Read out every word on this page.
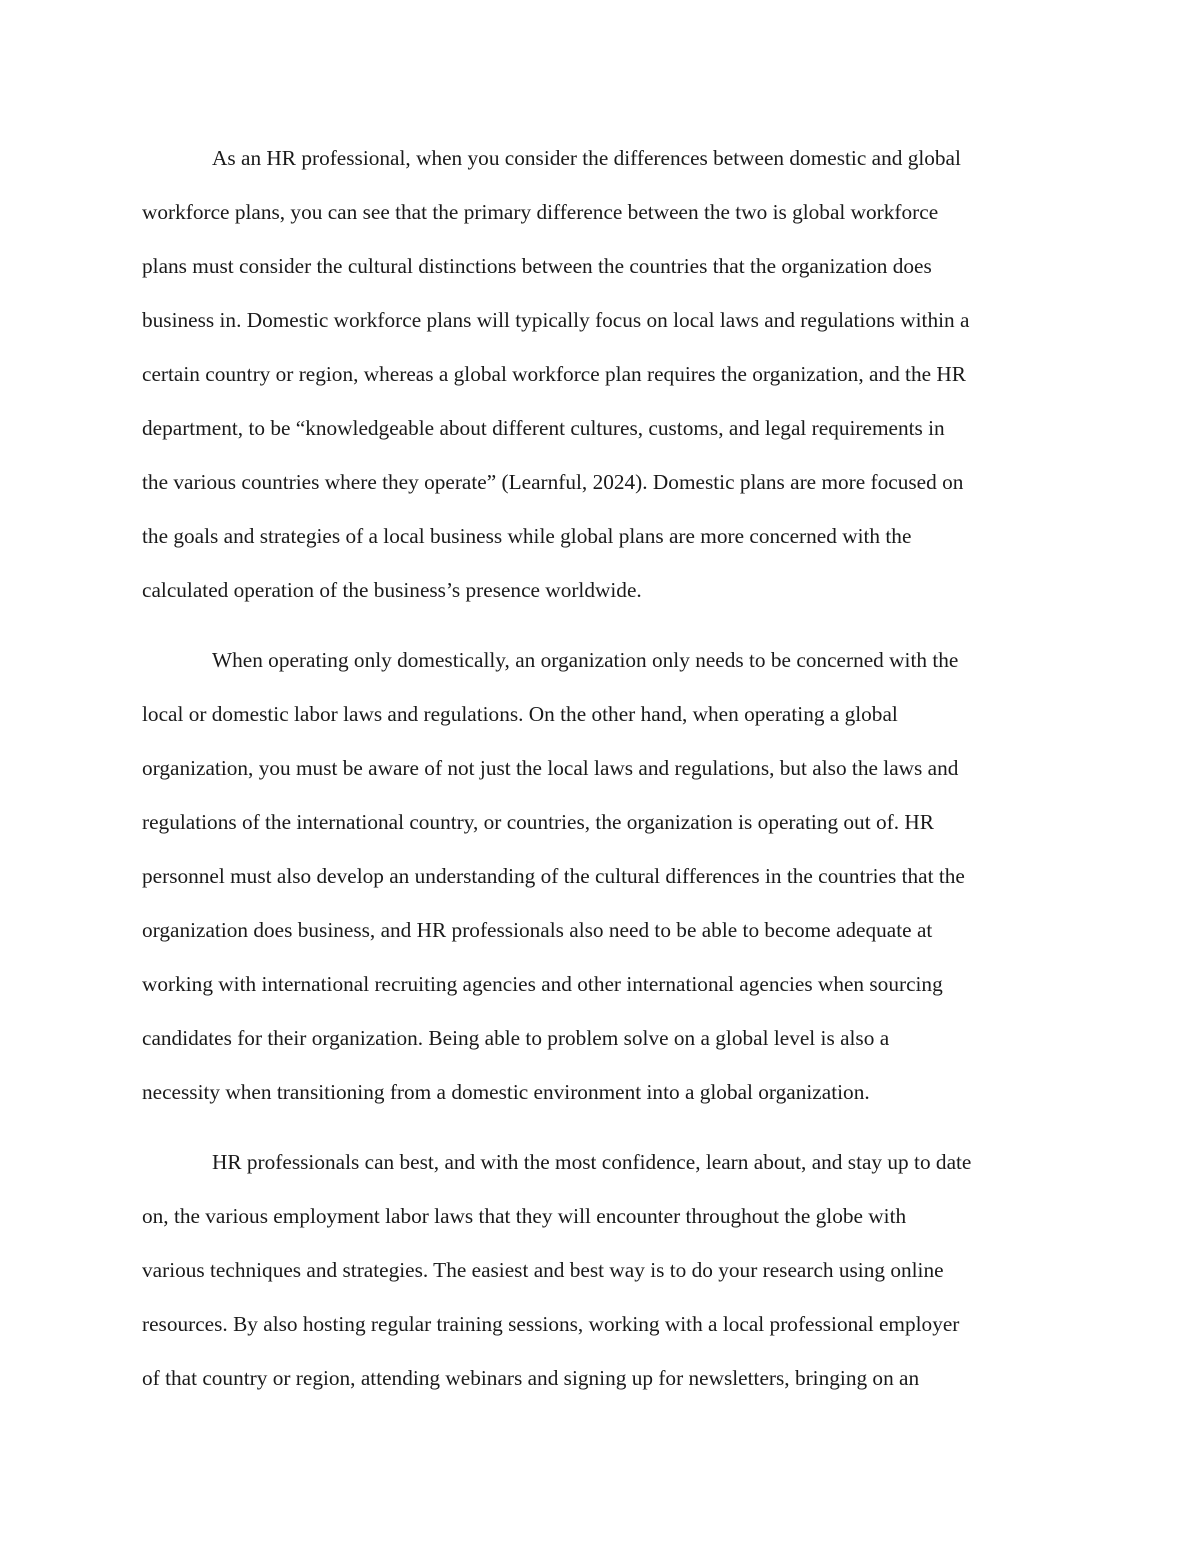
As an HR professional, when you consider the differences between domestic and global
workforce plans, you can see that the primary difference between the two is global workforce
plans must consider the cultural distinctions between the countries that the organization does
business in. Domestic workforce plans will typically focus on local laws and regulations within a
certain country or region, whereas a global workforce plan requires the organization, and the HR
department, to be “knowledgeable about different cultures, customs, and legal requirements in
the various countries where they operate” (Learnful, 2024). Domestic plans are more focused on
the goals and strategies of a local business while global plans are more concerned with the
calculated operation of the business’s presence worldwide.
When operating only domestically, an organization only needs to be concerned with the
local or domestic labor laws and regulations. On the other hand, when operating a global
organization, you must be aware of not just the local laws and regulations, but also the laws and
regulations of the international country, or countries, the organization is operating out of. HR
personnel must also develop an understanding of the cultural differences in the countries that the
organization does business, and HR professionals also need to be able to become adequate at
working with international recruiting agencies and other international agencies when sourcing
candidates for their organization. Being able to problem solve on a global level is also a
necessity when transitioning from a domestic environment into a global organization.
HR professionals can best, and with the most confidence, learn about, and stay up to date
on, the various employment labor laws that they will encounter throughout the globe with
various techniques and strategies. The easiest and best way is to do your research using online
resources. By also hosting regular training sessions, working with a local professional employer
of that country or region, attending webinars and signing up for newsletters, bringing on an
